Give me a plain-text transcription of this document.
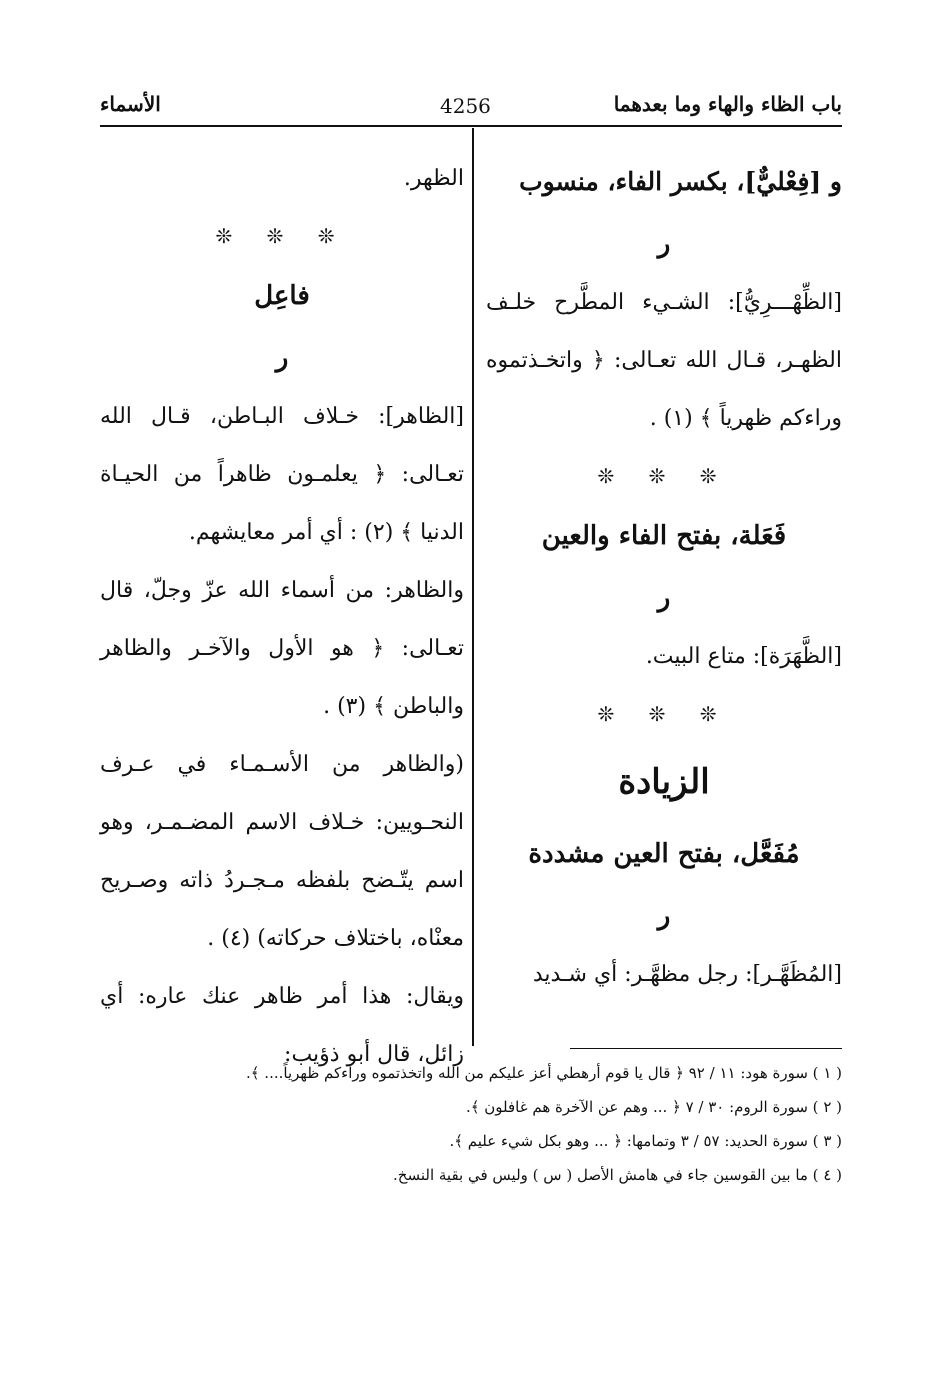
باب الظاء والهاء وما بعدهما
4256
الأسماء

و [فِعْليٌّ]، بكسر الفاء، منسوب

ر

[الظِّهْـــرِيُّ]: الشـيء المطَّرح خلـف الظهـر، قـال الله تعـالى: ﴿ واتخـذتموه وراءكم ظهرياً ﴾ (١) .

❊ ❊ ❊

فَعَلة، بفتح الفاء والعين

ر

[الظَّهَرَة]: متاع البيت.

❊ ❊ ❊

الزيادة

مُفَعَّل، بفتح العين مشددة

ر

[المُظَهَّـر]: رجل مظهَّـر: أي شـديد

الظهر.

❊ ❊ ❊

فاعِل

ر

[الظاهر]: خـلاف البـاطن، قـال الله تعـالى: ﴿ يعلمـون ظاهراً من الحيـاة الدنيا ﴾ (٢) : أي أمر معايشهم.

والظاهر: من أسماء الله عزّ وجلّ، قال تعـالى: ﴿ هو الأول والآخـر والظاهر والباطن ﴾ (٣) .

(والظاهر من الأسـمـاء في عـرف النحـويين: خـلاف الاسم المضـمـر، وهو اسم يتّـضح بلفظه مـجـردُ ذاته وصـريح معنْاه، باختلاف حركاته) (٤) .

ويقال: هذا أمر ظاهر عنك عاره: أي زائل، قال أبو ذؤيب:

( ١ ) سورة هود: ١١ / ٩٢ ﴿ قال يا قوم أرهطي أعز عليكم من الله واتخذتموه وراءكم ظهرياً.... ﴾.

( ٢ ) سورة الروم: ٣٠ / ٧ ﴿ ... وهم عن الآخرة هم غافلون ﴾.

( ٣ ) سورة الحديد: ٥٧ / ٣ وتمامها: ﴿ ... وهو بكل شيء عليم ﴾.

( ٤ ) ما بين القوسين جاء في هامش الأصل ( س ) وليس في بقية النسخ.
